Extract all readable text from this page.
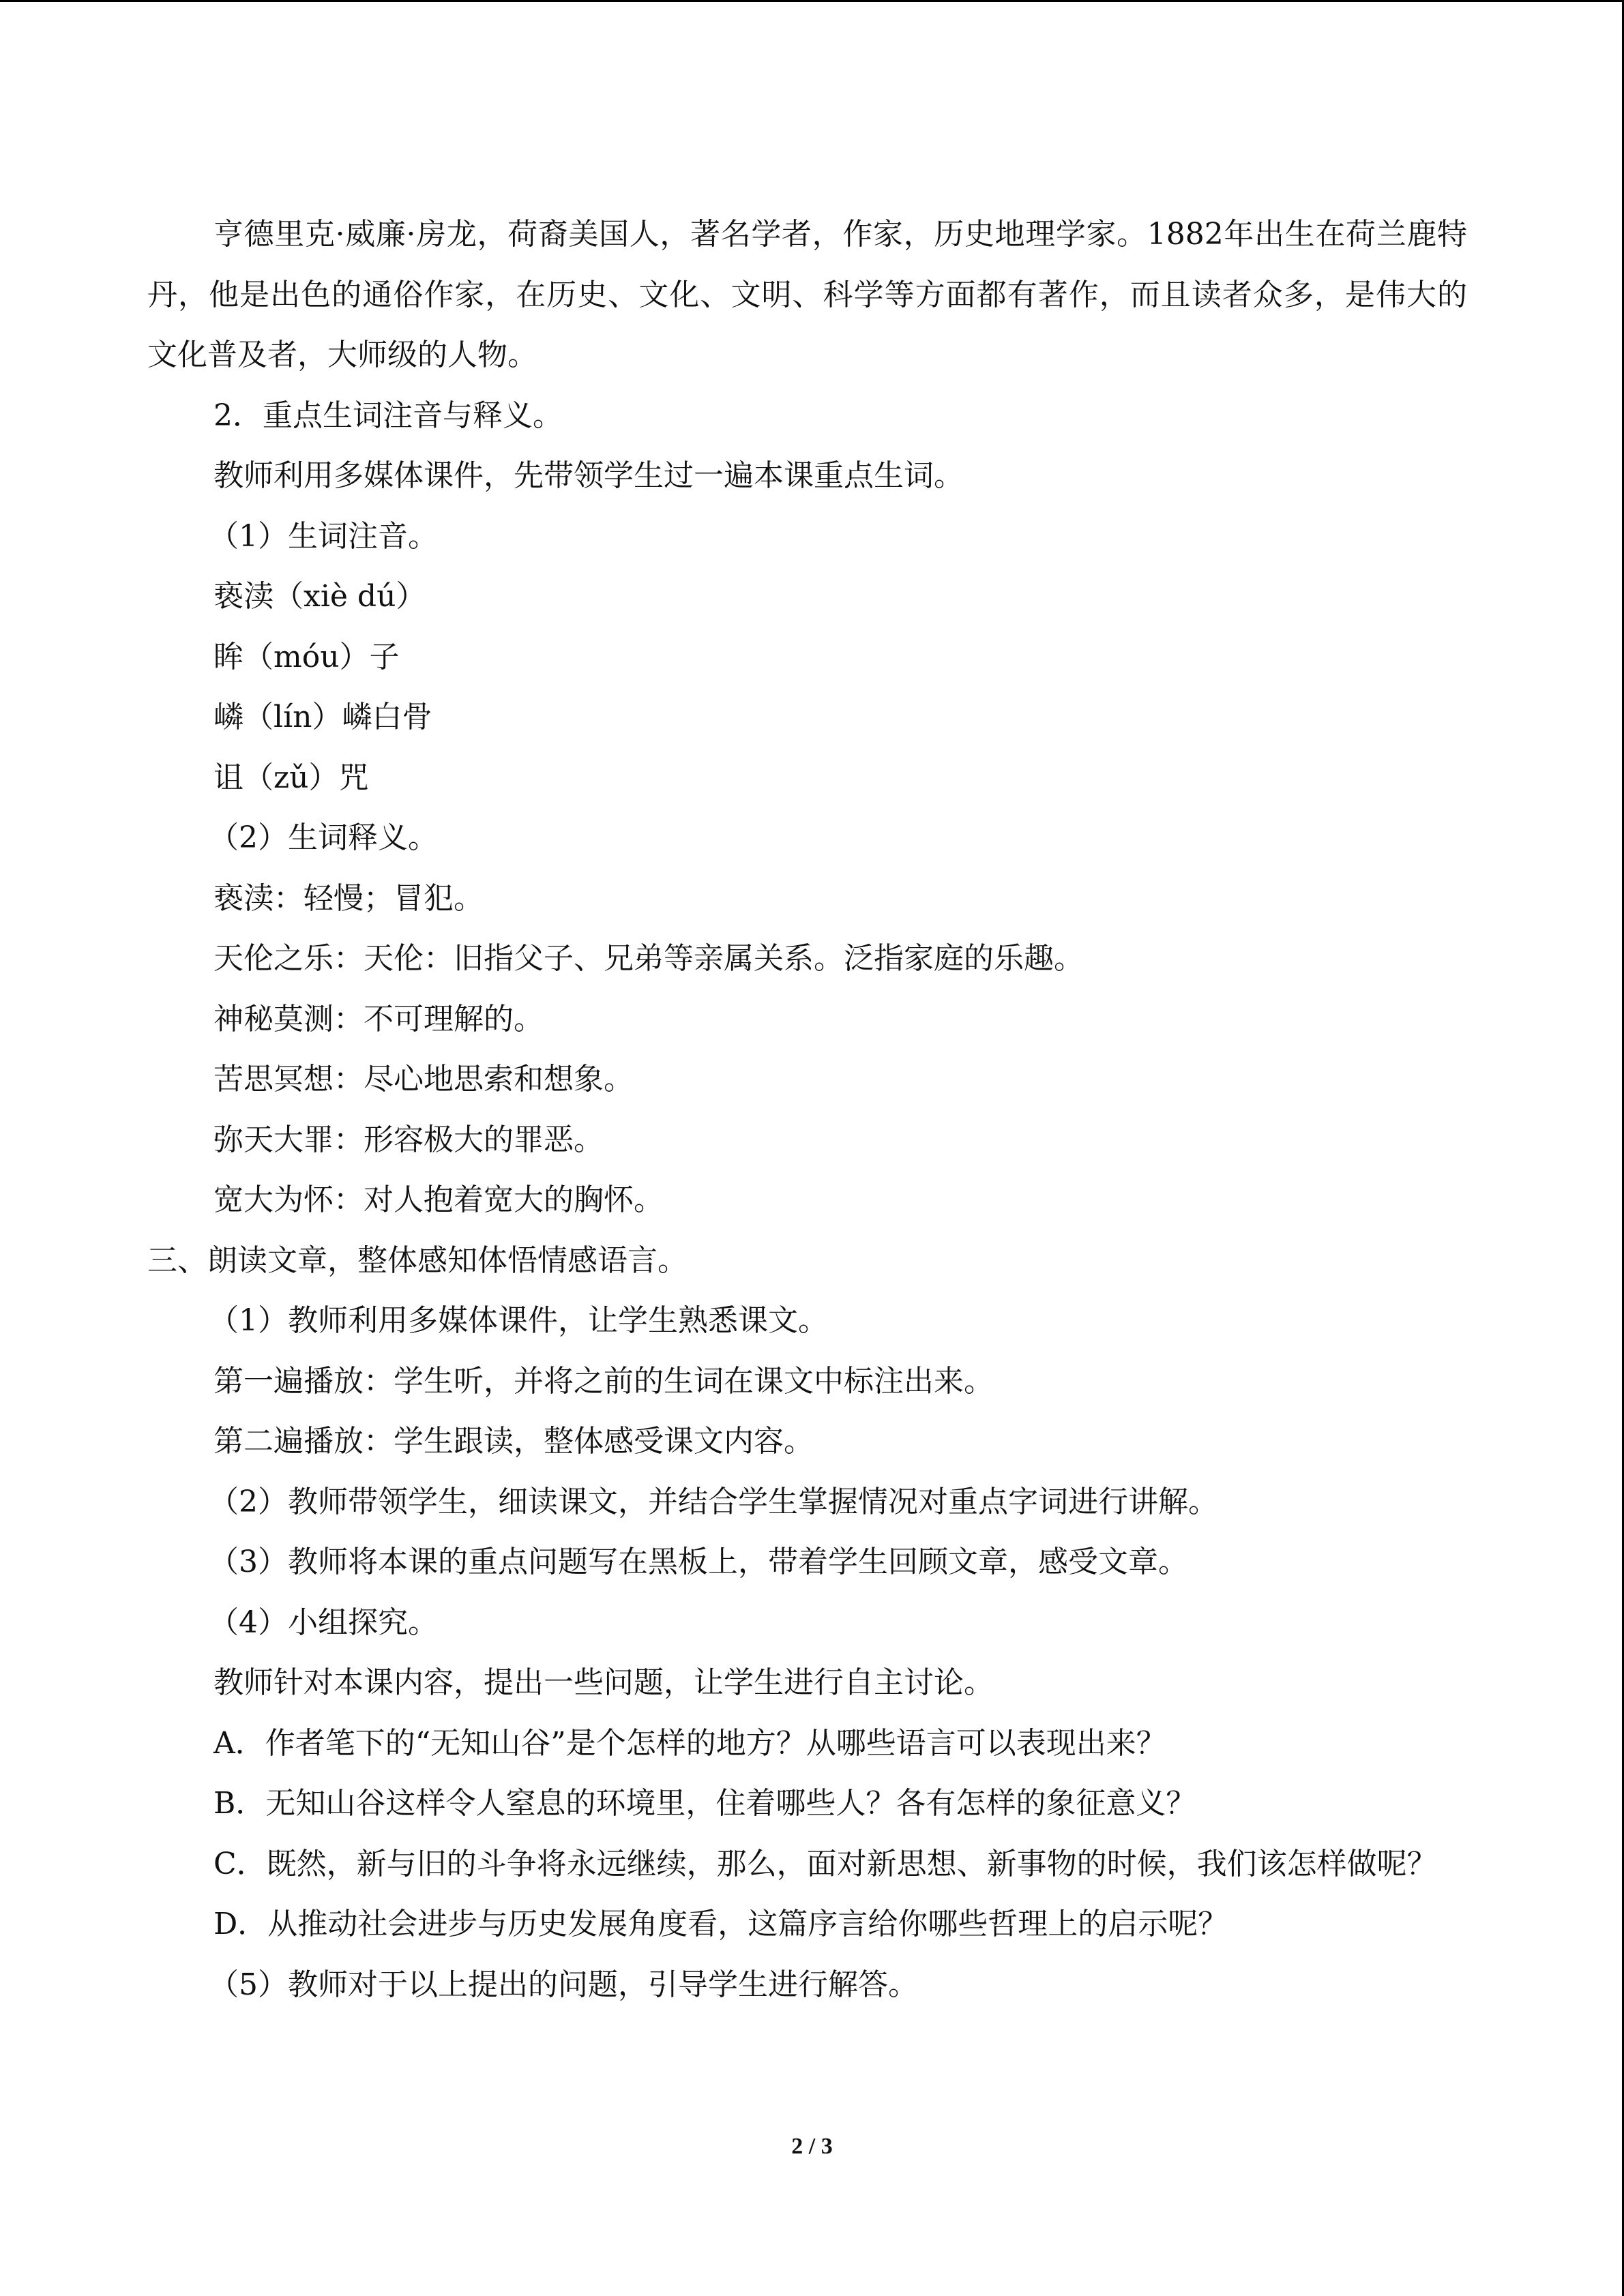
亨德里克·威廉·房龙，荷裔美国人，著名学者，作家，历史地理学家。1882年出生在荷兰鹿特丹，他是出色的通俗作家，在历史、文化、文明、科学等方面都有著作，而且读者众多，是伟大的文化普及者，大师级的人物。

2．重点生词注音与释义。

教师利用多媒体课件，先带领学生过一遍本课重点生词。

（1）生词注音。

亵渎（xiè dú）

眸（móu）子

嶙（lín）嶙白骨

诅（zǔ）咒

（2）生词释义。

亵渎：轻慢；冒犯。

天伦之乐：天伦：旧指父子、兄弟等亲属关系。泛指家庭的乐趣。

神秘莫测：不可理解的。

苦思冥想：尽心地思索和想象。

弥天大罪：形容极大的罪恶。

宽大为怀：对人抱着宽大的胸怀。

三、朗读文章，整体感知体悟情感语言。

（1）教师利用多媒体课件，让学生熟悉课文。

第一遍播放：学生听，并将之前的生词在课文中标注出来。

第二遍播放：学生跟读，整体感受课文内容。

（2）教师带领学生，细读课文，并结合学生掌握情况对重点字词进行讲解。

（3）教师将本课的重点问题写在黑板上，带着学生回顾文章，感受文章。

（4）小组探究。

教师针对本课内容，提出一些问题，让学生进行自主讨论。

A．作者笔下的“无知山谷”是个怎样的地方？从哪些语言可以表现出来？

B．无知山谷这样令人窒息的环境里，住着哪些人？各有怎样的象征意义？

C．既然，新与旧的斗争将永远继续，那么，面对新思想、新事物的时候，我们该怎样做呢？

D．从推动社会进步与历史发展角度看，这篇序言给你哪些哲理上的启示呢？

（5）教师对于以上提出的问题，引导学生进行解答。

2 / 3
